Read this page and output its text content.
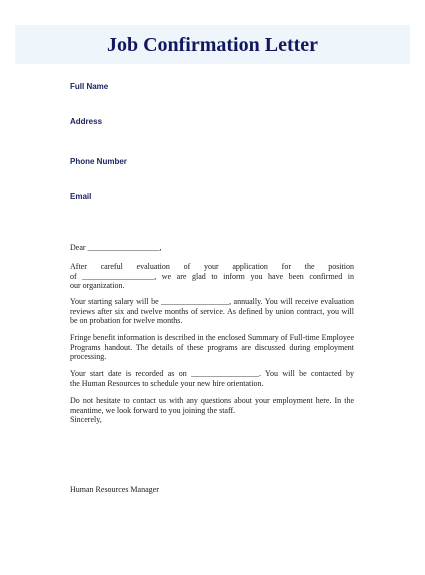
Job Confirmation Letter
Full Name
Address
Phone Number
Email
Dear __________________,
After careful evaluation of your application for the position
of __________________, we are glad to inform you have been confirmed in
our organization.
Your starting salary will be _________________, annually. You will receive evaluation
reviews after six and twelve months of service. As defined by union contract, you will
be on probation for twelve months.
Fringe benefit information is described in the enclosed Summary of Full-time Employee
Programs handout. The details of these programs are discussed during employment
processing.
Your start date is recorded as on _________________. You will be contacted by
the Human Resources to schedule your new hire orientation.
Do not hesitate to contact us with any questions about your employment here. In the
meantime, we look forward to you joining the staff.
Sincerely,
Human Resources Manager
